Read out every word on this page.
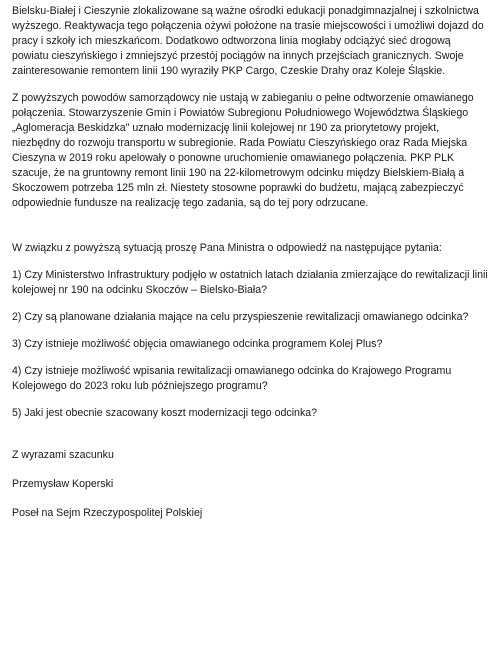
Bielsku-Białej i Cieszynie zlokalizowane są ważne ośrodki edukacji ponadgimnazjalnej i szkolnictwa wyższego. Reaktywacja tego połączenia ożywi położone na trasie miejscowości i umożliwi dojazd do pracy i szkoły ich mieszkańcom. Dodatkowo odtworzona linia mogłaby odciążyć sieć drogową powiatu cieszyńskiego i zmniejszyć przestój pociągów na innych przejściach granicznych. Swoje zainteresowanie remontem linii 190 wyraziły PKP Cargo, Czeskie Drahy oraz Koleje Śląskie.

Z powyższych powodów samorządowcy nie ustają w zabieganiu o pełne odtworzenie omawianego połączenia. Stowarzyszenie Gmin i Powiatów Subregionu Południowego Województwa Śląskiego „Aglomeracja Beskidzka" uznało modernizację linii kolejowej nr 190 za priorytetowy projekt, niezbędny do rozwoju transportu w subregionie. Rada Powiatu Cieszyńskiego oraz Rada Miejska Cieszyna w 2019 roku apelowały o ponowne uruchomienie omawianego połączenia. PKP PLK szacuje, że na gruntowny remont linii 190 na 22-kilometrowym odcinku między Bielskiem-Białą a Skoczowem potrzeba 125 mln zł. Niestety stosowne poprawki do budżetu, mającą zabezpieczyć odpowiednie fundusze na realizację tego zadania, są do tej pory odrzucane.

W związku z powyższą sytuacją proszę Pana Ministra o odpowiedź na następujące pytania:

1) Czy Ministerstwo Infrastruktury podjęło w ostatnich latach działania zmierzające do rewitalizacji linii kolejowej nr 190 na odcinku Skoczów – Bielsko-Biała?

2) Czy są planowane działania mające na celu przyspieszenie rewitalizacji omawianego odcinka?

3) Czy istnieje możliwość objęcia omawianego odcinka programem Kolej Plus?

4) Czy istnieje możliwość wpisania rewitalizacji omawianego odcinka do Krajowego Programu Kolejowego do 2023 roku lub późniejszego programu?

5) Jaki jest obecnie szacowany koszt modernizacji tego odcinka?

Z wyrazami szacunku

Przemysław Koperski

Poseł na Sejm Rzeczypospolitej Polskiej
